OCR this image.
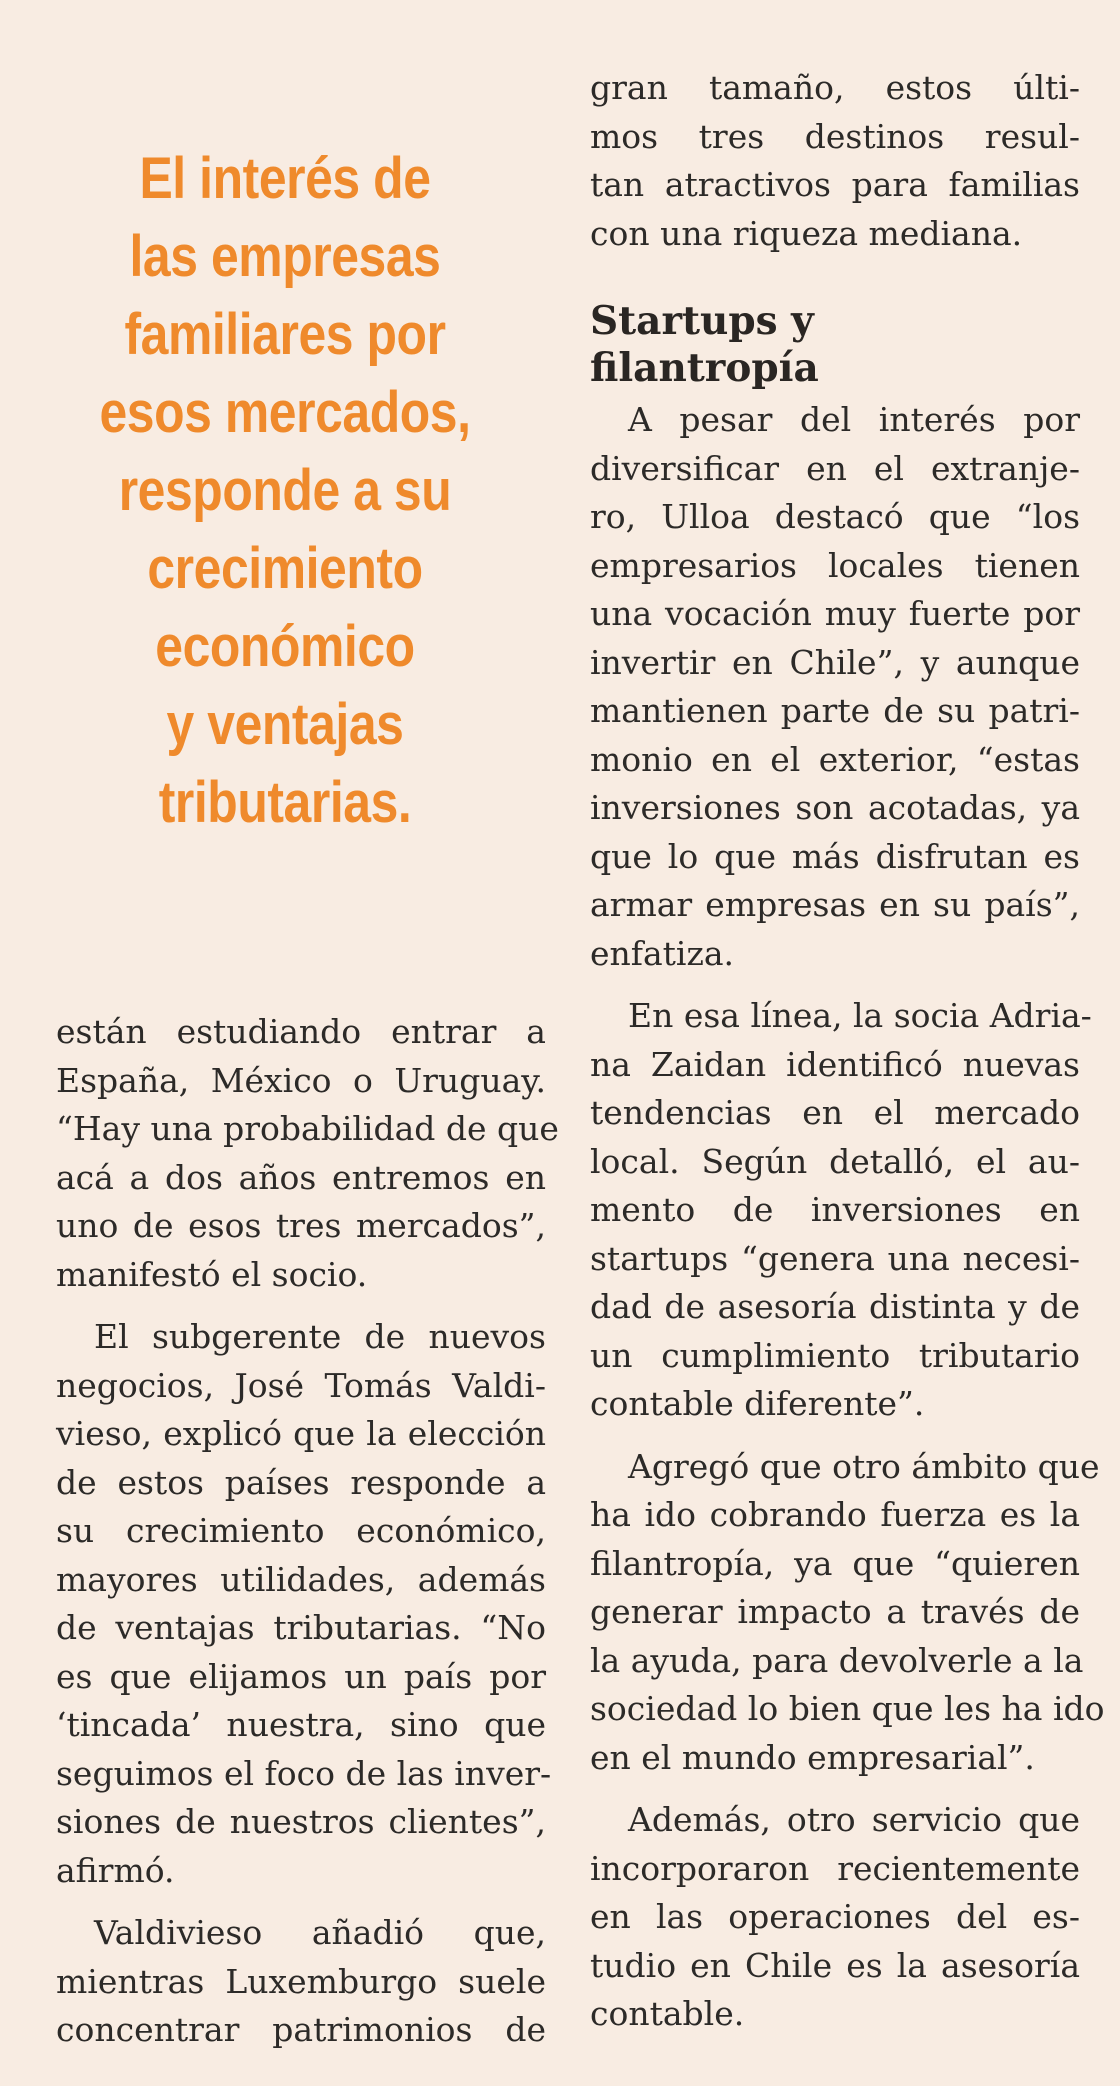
El interés de
las empresas
familiares por
esos mercados,
responde a su
crecimiento
económico
y ventajas
tributarias.

están estudiando entrar a
España, México o Uruguay.
“Hay una probabilidad de que
acá a dos años entremos en
uno de esos tres mercados”,
manifestó el socio.

El subgerente de nuevos
negocios, José Tomás Valdi-
vieso, explicó que la elección
de estos países responde a
su crecimiento económico,
mayores utilidades, además
de ventajas tributarias. “No
es que elijamos un país por
‘tincada’ nuestra, sino que
seguimos el foco de las inver-
siones de nuestros clientes”,
afirmó.

Valdivieso añadió que,
mientras Luxemburgo suele
concentrar patrimonios de

gran tamaño, estos últi-
mos tres destinos resul-
tan atractivos para familias
con una riqueza mediana.

Startups y
filantropía

A pesar del interés por
diversificar en el extranje-
ro, Ulloa destacó que “los
empresarios locales tienen
una vocación muy fuerte por
invertir en Chile”, y aunque
mantienen parte de su patri-
monio en el exterior, “estas
inversiones son acotadas, ya
que lo que más disfrutan es
armar empresas en su país”,
enfatiza.

En esa línea, la socia Adria-
na Zaidan identificó nuevas
tendencias en el mercado
local. Según detalló, el au-
mento de inversiones en
startups “genera una necesi-
dad de asesoría distinta y de
un cumplimiento tributario
contable diferente”.

Agregó que otro ámbito que
ha ido cobrando fuerza es la
filantropía, ya que “quieren
generar impacto a través de
la ayuda, para devolverle a la
sociedad lo bien que les ha ido
en el mundo empresarial”.

Además, otro servicio que
incorporaron recientemente
en las operaciones del es-
tudio en Chile es la asesoría
contable.
